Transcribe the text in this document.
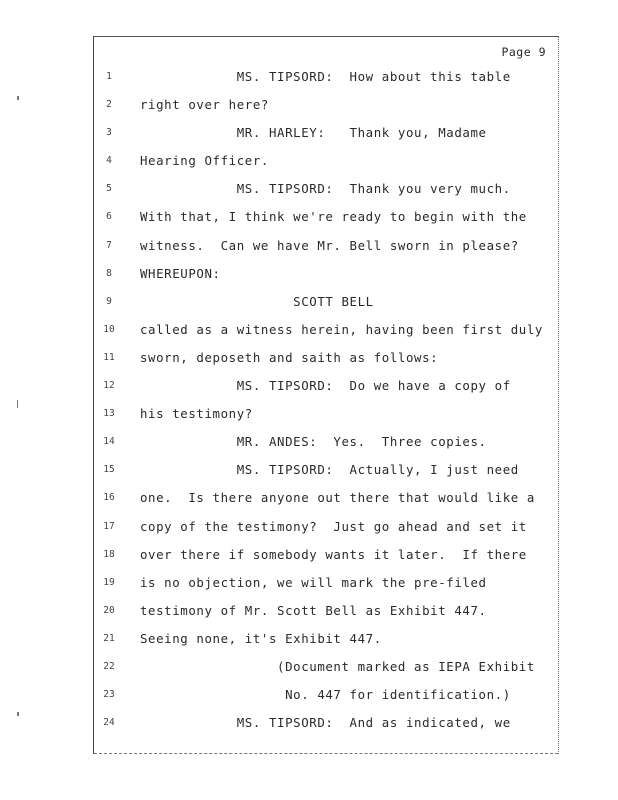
Page 9
1	MS. TIPSORD:  How about this table
2	right over here?
3	MR. HARLEY:   Thank you, Madame
4	Hearing Officer.
5	MS. TIPSORD:  Thank you very much.
6	With that, I think we're ready to begin with the
7	witness.  Can we have Mr. Bell sworn in please?
8	WHEREUPON:
9	SCOTT BELL
10	called as a witness herein, having been first duly
11	sworn, deposeth and saith as follows:
12	MS. TIPSORD:  Do we have a copy of
13	his testimony?
14	MR. ANDES:  Yes.  Three copies.
15	MS. TIPSORD:  Actually, I just need
16	one.  Is there anyone out there that would like a
17	copy of the testimony?  Just go ahead and set it
18	over there if somebody wants it later.  If there
19	is no objection, we will mark the pre-filed
20	testimony of Mr. Scott Bell as Exhibit 447.
21	Seeing none, it's Exhibit 447.
22	(Document marked as IEPA Exhibit
23	No. 447 for identification.)
24	MS. TIPSORD:  And as indicated, we
